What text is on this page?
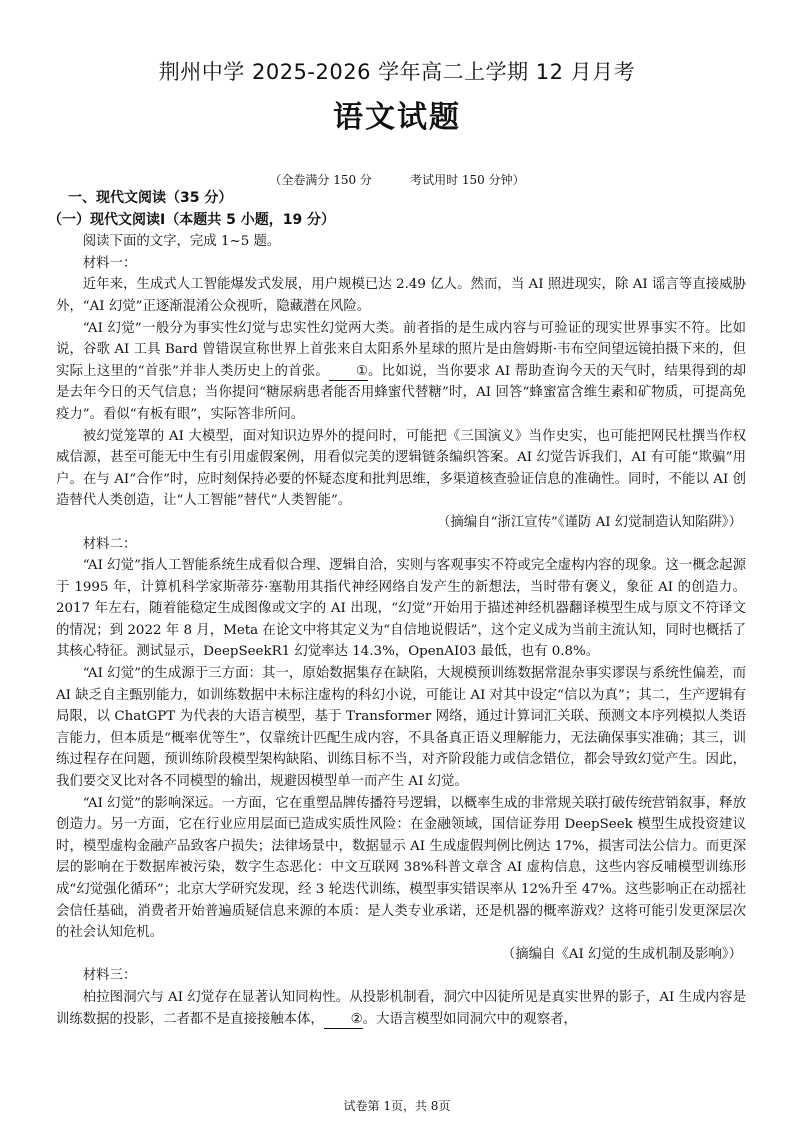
荆州中学 2025-2026 学年高二上学期 12 月月考
语文试题
（全卷满分 150 分	考试用时 150 分钟）
一、现代文阅读（35 分）
（一）现代文阅读Ⅰ（本题共 5 小题，19 分）

阅读下面的文字，完成 1~5 题。

材料一：

近年来，生成式人工智能爆发式发展，用户规模已达 2.49 亿人。然而，当 AI 照进现实，除 AI 谣言等直接威胁外，“AI 幻觉”正逐渐混淆公众视听，隐藏潜在风险。

“AI 幻觉”一般分为事实性幻觉与忠实性幻觉两大类。前者指的是生成内容与可验证的现实世界事实不符。比如说，谷歌 AI 工具 Bard 曾错误宣称世界上首张来自太阳系外星球的照片是由詹姆斯·韦布空间望远镜拍摄下来的，但实际上这里的“首张”并非人类历史上的首张。 ①。比如说，当你要求 AI 帮助查询今天的天气时，结果得到的却是去年今日的天气信息；当你提问“糖尿病患者能否用蜂蜜代替糖”时，AI 回答“蜂蜜富含维生素和矿物质，可提高免疫力”。看似“有板有眼”，实际答非所问。

被幻觉笼罩的 AI 大模型，面对知识边界外的提问时，可能把《三国演义》当作史实，也可能把网民杜撰当作权威信源，甚至可能无中生有引用虚假案例，用看似完美的逻辑链条编织答案。AI 幻觉告诉我们，AI 有可能“欺骗”用户。在与 AI“合作”时，应时刻保持必要的怀疑态度和批判思维，多渠道核查验证信息的准确性。同时，不能以 AI 创造替代人类创造，让“人工智能”替代“人类智能”。

（摘编自“浙江宣传”《谨防 AI 幻觉制造认知陷阱》）

材料二：

“AI 幻觉”指人工智能系统生成看似合理、逻辑自洽，实则与客观事实不符或完全虚构内容的现象。这一概念起源于 1995 年，计算机科学家斯蒂芬·塞勒用其指代神经网络自发产生的新想法，当时带有褒义，象征 AI 的创造力。2017 年左右，随着能稳定生成图像或文字的 AI 出现，“幻觉”开始用于描述神经机器翻译模型生成与原文不符译文的情况；到 2022 年 8 月，Meta 在论文中将其定义为“自信地说假话”，这个定义成为当前主流认知，同时也概括了其核心特征。测试显示，DeepSeekR1 幻觉率达 14.3%，OpenAI03 最低，也有 0.8%。

“AI 幻觉”的生成源于三方面：其一，原始数据集存在缺陷，大规模预训练数据常混杂事实谬误与系统性偏差，而 AI 缺乏自主甄别能力，如训练数据中未标注虚构的科幻小说，可能让 AI 对其中设定“信以为真”；其二，生产逻辑有局限，以 ChatGPT 为代表的大语言模型，基于 Transformer 网络，通过计算词汇关联、预测文本序列模拟人类语言能力，但本质是“概率优等生”，仅靠统计匹配生成内容，不具备真正语义理解能力，无法确保事实准确；其三，训练过程存在问题，预训练阶段模型架构缺陷、训练目标不当，对齐阶段能力或信念错位，都会导致幻觉产生。因此，我们要交叉比对各不同模型的输出，规避因模型单一而产生 AI 幻觉。

“AI 幻觉”的影响深远。一方面，它在重塑品牌传播符号逻辑，以概率生成的非常规关联打破传统营销叙事，释放创造力。另一方面，它在行业应用层面已造成实质性风险：在金融领域，国信证券用 DeepSeek 模型生成投资建议时，模型虚构金融产品致客户损失；法律场景中，数据显示 AI 生成虚假判例比例达 17%，损害司法公信力。而更深层的影响在于数据库被污染，数字生态恶化：中文互联网 38%科普文章含 AI 虚构信息，这些内容反哺模型训练形成“幻觉强化循环”；北京大学研究发现，经 3 轮迭代训练，模型事实错误率从 12%升至 47%。这些影响正在动摇社会信任基础，消费者开始普遍质疑信息来源的本质：是人类专业承诺，还是机器的概率游戏？这将可能引发更深层次的社会认知危机。

（摘编自《AI 幻觉的生成机制及影响》）

材料三：

柏拉图洞穴与 AI 幻觉存在显著认知同构性。从投影机制看，洞穴中囚徒所见是真实世界的影子，AI 生成内容是训练数据的投影，二者都不是直接接触本体， ②。大语言模型如同洞穴中的观察者，

试卷第 1页，共 8页
